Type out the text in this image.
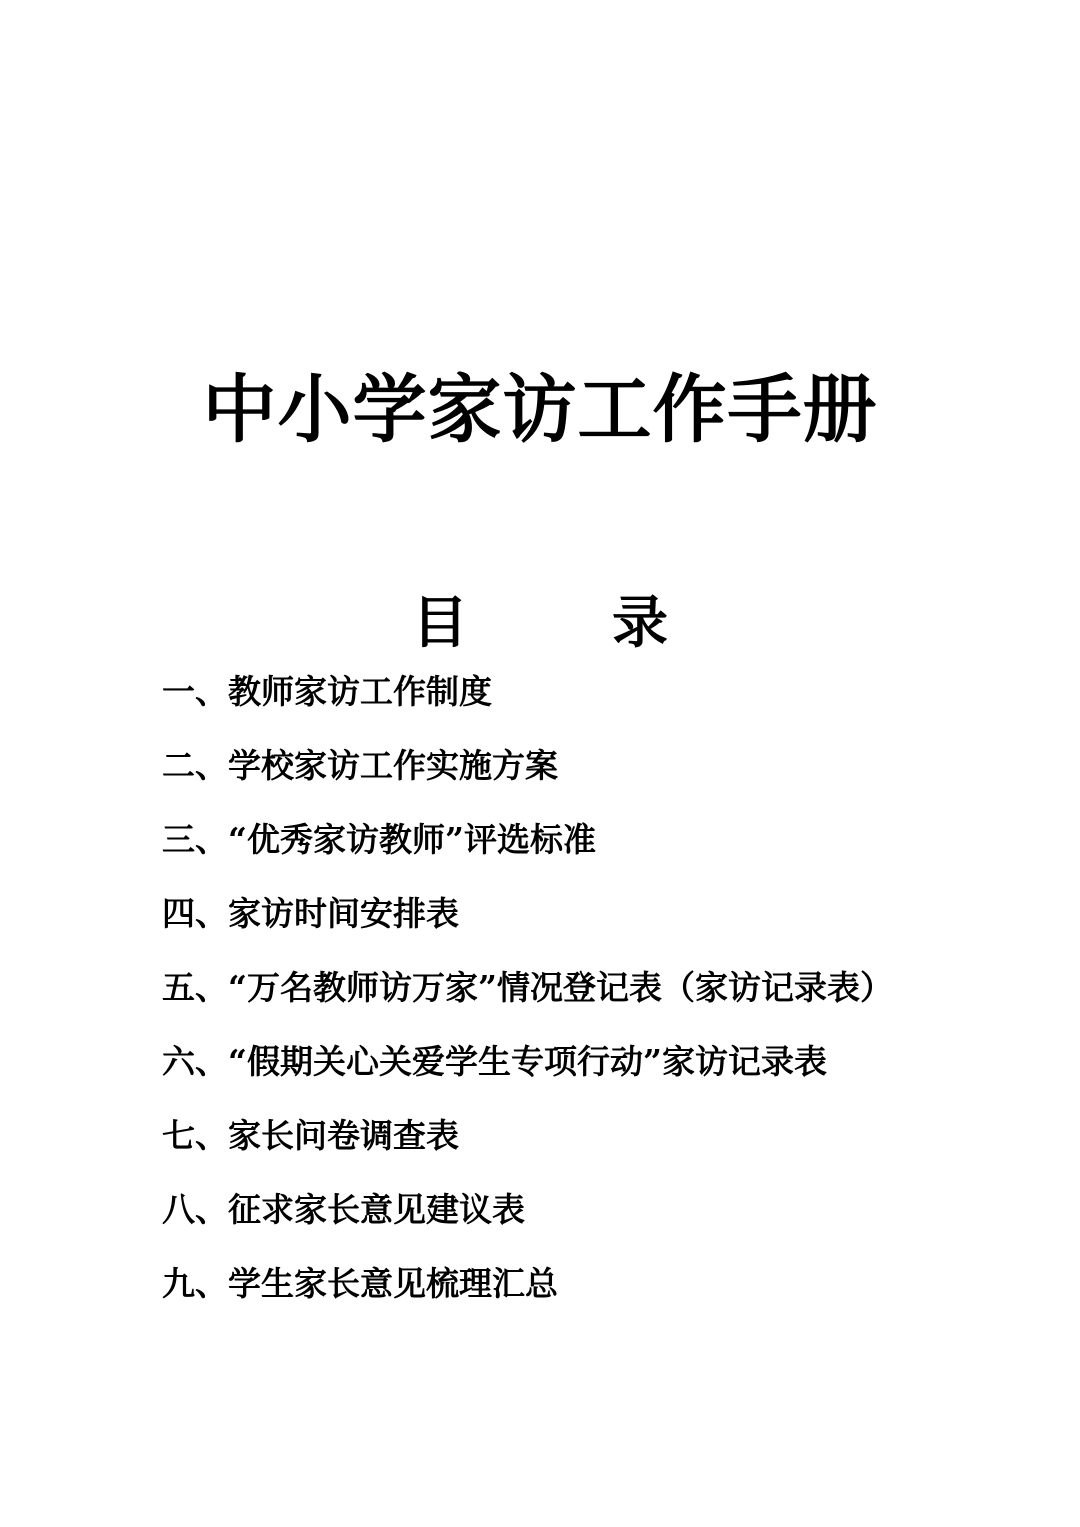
中小学家访工作手册
目	录
一、教师家访工作制度
二、学校家访工作实施方案
三、“优秀家访教师”评选标准
四、家访时间安排表
五、“万名教师访万家”情况登记表（家访记录表）
六、“假期关心关爱学生专项行动”家访记录表
七、家长问卷调查表
八、征求家长意见建议表
九、学生家长意见梳理汇总
